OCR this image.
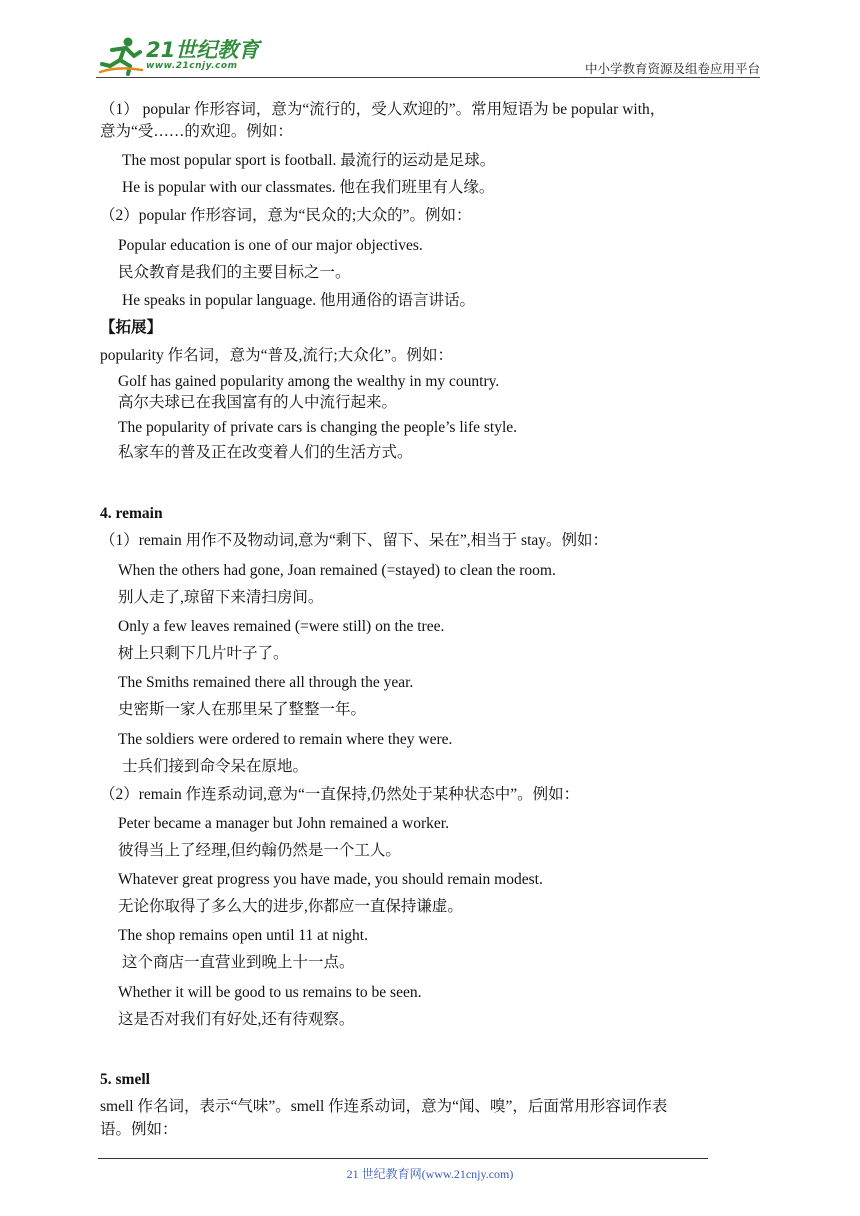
21世纪教育
www.21cnjy.com	中小学教育资源及组卷应用平台
（1） popular 作形容词，意为“流行的，受人欢迎的”。常用短语为 be popular with，
意为“受……的欢迎。例如：
The most popular sport is football. 最流行的运动是足球。
He is popular with our classmates. 他在我们班里有人缘。
（2）popular 作形容词，意为“民众的;大众的”。例如：
Popular education is one of our major objectives.
民众教育是我们的主要目标之一。
He speaks in popular language. 他用通俗的语言讲话。
【拓展】
popularity 作名词，意为“普及,流行;大众化”。例如：
Golf has gained popularity among the wealthy in my country.
高尔夫球已在我国富有的人中流行起来。
The popularity of private cars is changing the people’s life style.
私家车的普及正在改变着人们的生活方式。
4. remain
（1）remain 用作不及物动词,意为“剩下、留下、呆在”,相当于 stay。例如：
When the others had gone, Joan remained (=stayed) to clean the room.
别人走了,琼留下来清扫房间。
Only a few leaves remained (=were still) on the tree.
树上只剩下几片叶子了。
The Smiths remained there all through the year.
史密斯一家人在那里呆了整整一年。
The soldiers were ordered to remain where they were.
士兵们接到命令呆在原地。
（2）remain 作连系动词,意为“一直保持,仍然处于某种状态中”。例如：
Peter became a manager but John remained a worker.
彼得当上了经理,但约翰仍然是一个工人。
Whatever great progress you have made, you should remain modest.
无论你取得了多么大的进步,你都应一直保持谦虚。
The shop remains open until 11 at night.
这个商店一直营业到晚上十一点。
Whether it will be good to us remains to be seen.
这是否对我们有好处,还有待观察。
5. smell
smell 作名词，表示“气味”。smell 作连系动词，意为“闻、嗅”，后面常用形容词作表
语。例如：
21 世纪教育网(www.21cnjy.com)
